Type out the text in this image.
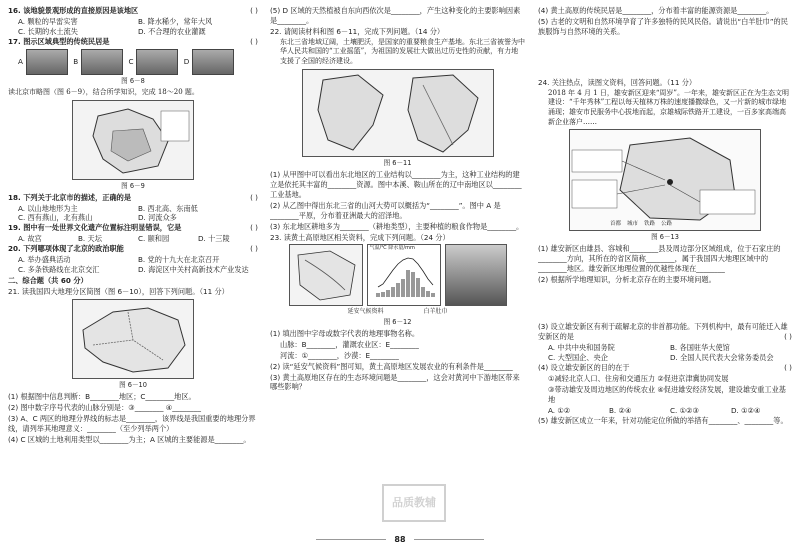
16. 该地貌景观形成的直接原因是该地区	( )
A. 颗粒的早雷实害	B. 降水稀少，常年大风
C. 长期的水土流失	D. 不合理的农业灌溉
17. 图示区域典型的传统民居是	( )
A	B	C	D
图 6－8
读北京市略图（图 6－9），结合所学知识，完成 18～20 题。
图 6－9
18. 下列关于北京市的描述，正确的是	( )
A. 以山地地形为主	B. 西北高、东南低
C. 西有燕山，北有燕山	D. 河流众多
19. 图中有一处世界文化遗产位置标注明显错误，它是	( )
A. 故宫	B. 天坛	C. 颐和园	D. 十三陵
20. 下列哪项体现了北京的政治职能	( )
A. 举办盛典活动	B. 党的十九大在北京召开
C. 多条铁路线在北京交汇	D. 海淀区中关村高新技术产业发达
二、综合题（共 60 分）
21. 读我国四大地理分区简图（图 6－10），回答下列问题。（11 分）
图 6－10
(1) 根据图中信息判断：B________地区；C________地区。
(2) 图中数字序号代表的山脉分别是：③________ ④________
(3) A、C 两区的地理分界线的标志是________，该界线是我国重要的地理分界线，请列举其地理意义：________（至少列举两个）
(4) C 区城的土地利用类型以________为主；A 区城的主要能源是________。
(5) D 区域的天然植被自东向西依次是________，产生这种变化的主要影响因素是________。
22. 请阅读材料和图 6－11，完成下列问题。（14 分）
东北三省地域辽阔，土壤肥沃，是国家的重要粮食生产基地。东北三省被誉为中华人民共和国的“工业摇篮”，为祖国的发展壮大做出过历史性的贡献，有力地支援了全国的经济建设。
图 6－11
(1) 从甲图中可以看出东北地区的工业结构以________为主，这种工业结构的建立是依托其丰富的________资源。图中本溪、鞍山所在的辽中南地区以________工业基地。
(2) 从乙图中得出东北三省的山河大势可以概括为“________”。图中 A 是________平原，分布着亚洲最大的沼泽地。
(3) 东北地区耕地多为________（耕地类型），主要种植的粮食作物是________。
23. 读黄土高原地区相关资料，完成下列问题。（24 分）
气温/℃ 降水量/mm
延安气候资料	白羊肚巾
图 6－12
(1) 填出图中字母或数字代表的地理事物名称。
山脉：B________，灌溉农业区：E________
河流：①________，沙漠：E________
(2) 读“延安气候资料”图可知，黄土高原地区发展农业的有利条件是________
(3) 黄土高原地区存在的生态环境问题是________，这会对黄河中下游地区带来哪些影响？
(4) 黄土高原的传统民居是________，分布着丰富的能源资源是________。
(5) 古老的文明和自然环境孕育了许多独特的民风民俗。请说出“白羊肚巾”的民族服饰与自然环境的关系。
24. 关注热点，读图文资料，回答问题。（11 分）
2018 年 4 月 1 日，雄安新区迎来“周岁”。一年来，雄安新区正在为生态文明建设：“千年秀林”工程以每天植林万株的速度播撒绿色，又一片新的城市绿地涌现；雄安市民服务中心拔地而起，京雄城际铁路开工建设，一百多家高端高新企业落户……
首都 城市 铁路 公路
图 6－13
(1) 雄安新区由雄县、容城和________县及周边部分区域组成，位于石家庄的________方向，其所在的省区简称________，属于我国四大地理区域中的________地区。雄安新区地理位置的优越性体现在________
(2) 根据所学地理知识，分析北京存在的主要环境问题。
(3) 设立雄安新区有利于疏解北京的非首都功能。下列机构中，最有可能迁入雄安新区的是	( )
A. 中共中央和国务院	B. 各国驻华大使馆
C. 大型国企、央企	D. 全国人民代表大会常务委员会
(4) 设立雄安新区的目的在于	( )
①减轻北京人口、住房和交通压力 ②促进京津冀协同发展
③带动雄安及周边地区的传统农业 ④促进雄安经济发展，建设雄安重工业基地
A. ①②	B. ②④	C. ①②③	D. ①②④
(5) 雄安新区成立一年来，针对功能定位所做的举措有________、________等。
品质教辅
88
